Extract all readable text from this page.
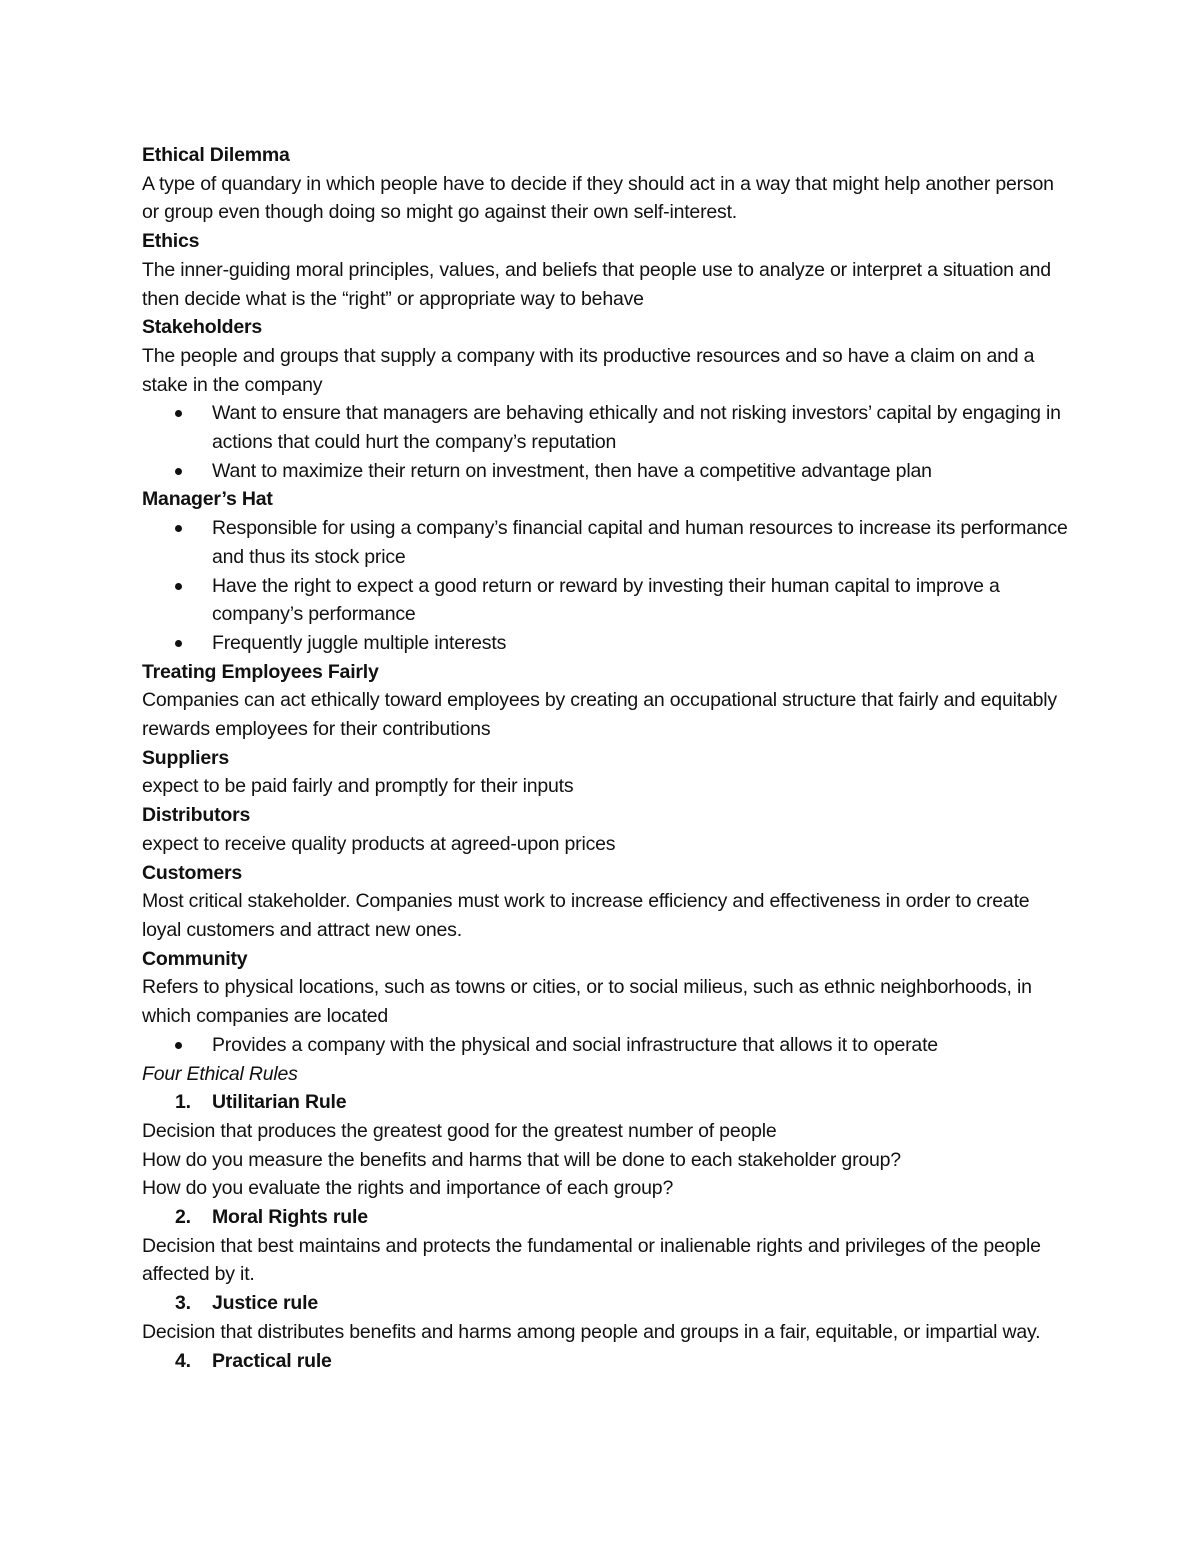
Ethical Dilemma

A type of quandary in which people have to decide if they should act in a way that might help another person or group even though doing so might go against their own self-interest.

Ethics

The inner-guiding moral principles, values, and beliefs that people use to analyze or interpret a situation and then decide what is the “right” or appropriate way to behave

Stakeholders

The people and groups that supply a company with its productive resources and so have a claim on and a stake in the company

Want to ensure that managers are behaving ethically and not risking investors’ capital by engaging in actions that could hurt the company’s reputation
Want to maximize their return on investment, then have a competitive advantage plan

Manager’s Hat

Responsible for using a company’s financial capital and human resources to increase its performance and thus its stock price
Have the right to expect a good return or reward by investing their human capital to improve a company’s performance
Frequently juggle multiple interests

Treating Employees Fairly

Companies can act ethically toward employees by creating an occupational structure that fairly and equitably rewards employees for their contributions

Suppliers

expect to be paid fairly and promptly for their inputs

Distributors

expect to receive quality products at agreed-upon prices

Customers

Most critical stakeholder. Companies must work to increase efficiency and effectiveness in order to create loyal customers and attract new ones.

Community

Refers to physical locations, such as towns or cities, or to social milieus, such as ethnic neighborhoods, in which companies are located

Provides a company with the physical and social infrastructure that allows it to operate

Four Ethical Rules

1. Utilitarian Rule

Decision that produces the greatest good for the greatest number of people

How do you measure the benefits and harms that will be done to each stakeholder group?

How do you evaluate the rights and importance of each group?

2. Moral Rights rule

Decision that best maintains and protects the fundamental or inalienable rights and privileges of the people affected by it.

3. Justice rule

Decision that distributes benefits and harms among people and groups in a fair, equitable, or impartial way.

4. Practical rule
